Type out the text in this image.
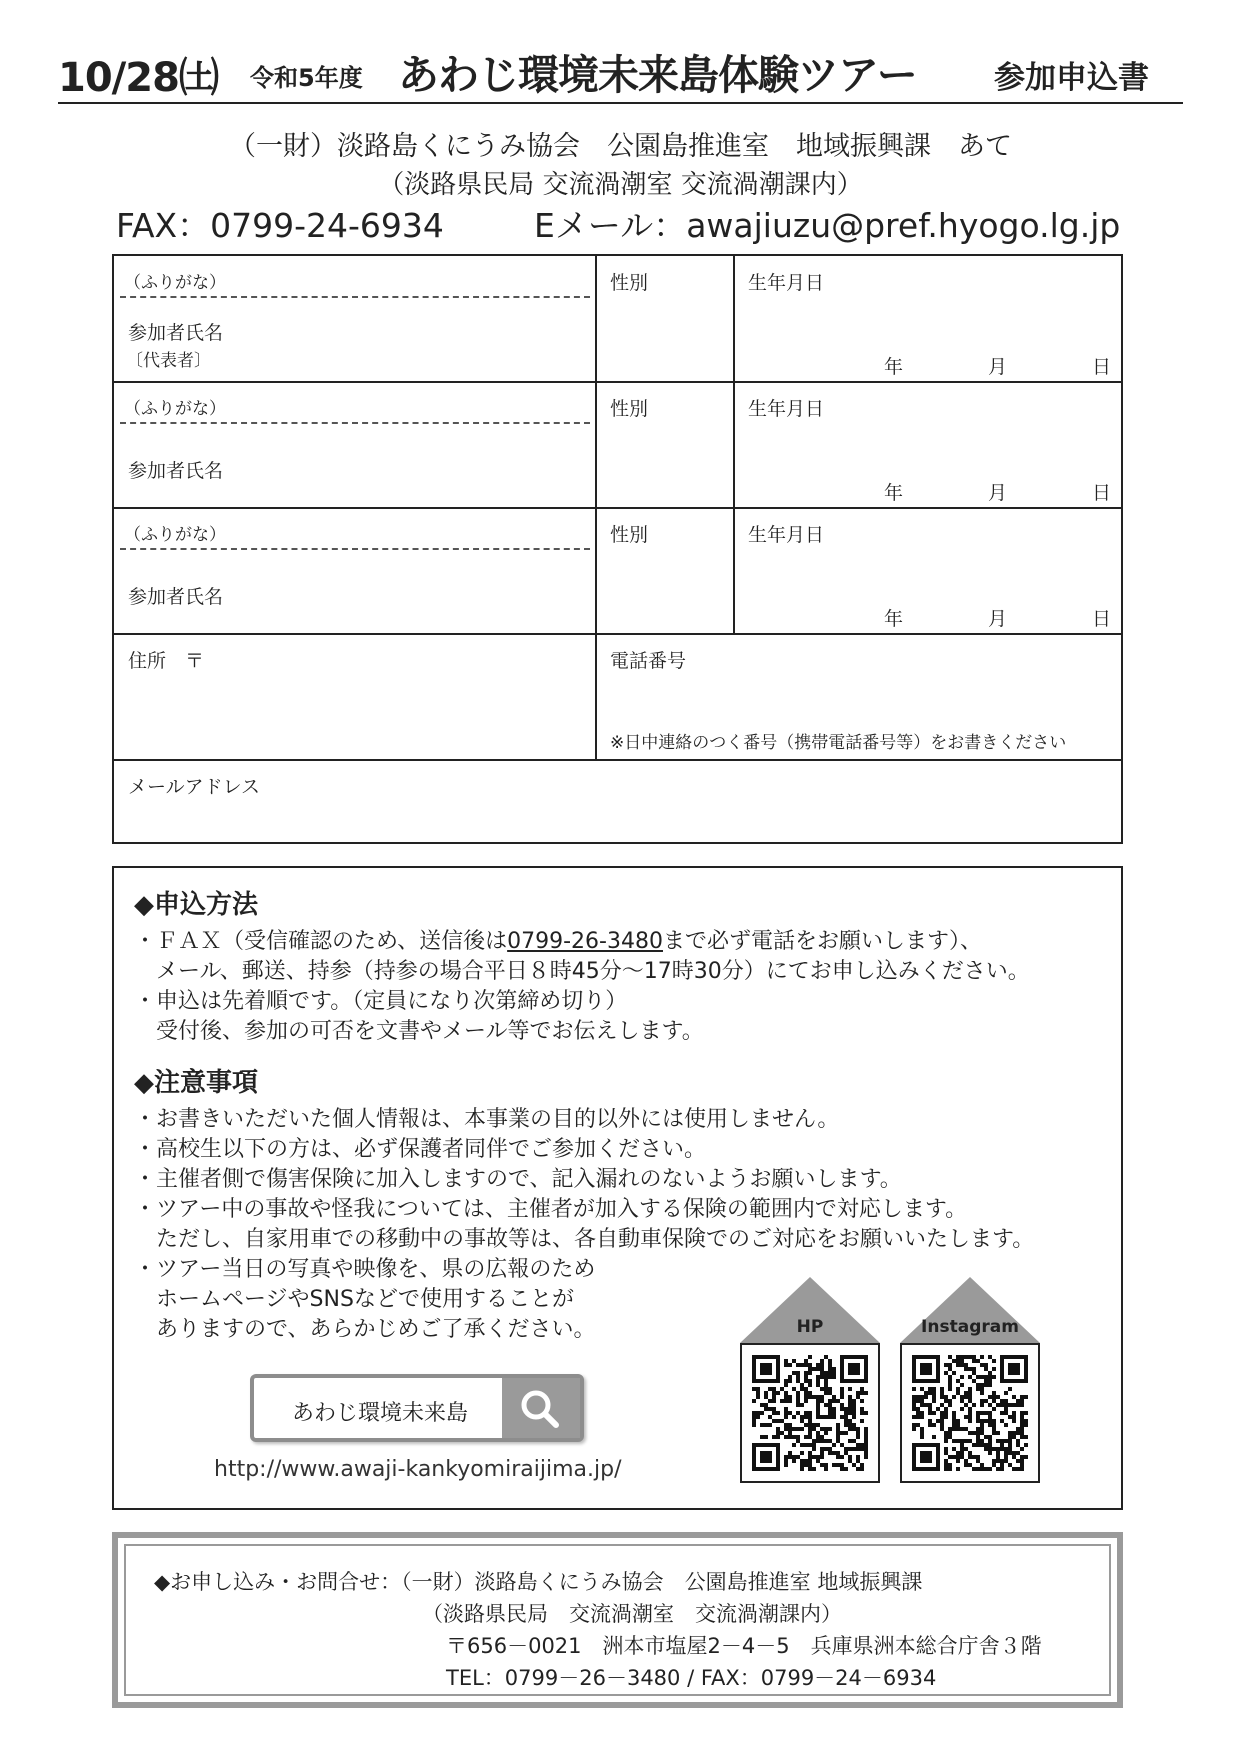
10/28㈯ 令和5年度 あわじ環境未来島体験ツアー 参加申込書
（一財）淡路島くにうみ協会　公園島推進室　地域振興課　あて
（淡路県民局 交流渦潮室 交流渦潮課内）
FAX：0799-24-6934	Eメール：awajiuzu@pref.hyogo.lg.jp
（ふりがな）
参加者氏名
〔代表者〕
性別	生年月日
年	月	日
（ふりがな）
参加者氏名
性別	生年月日
年	月	日
（ふりがな）
参加者氏名
性別	生年月日
年	月	日
住所　〒	電話番号
※日中連絡のつく番号（携帯電話番号等）をお書きください
メールアドレス
◆申込方法
・ＦＡＸ（受信確認のため、送信後は0799-26-3480まで必ず電話をお願いします）、
メール、郵送、持参（持参の場合平日８時45分～17時30分）にてお申し込みください。
・申込は先着順です。（定員になり次第締め切り）
受付後、参加の可否を文書やメール等でお伝えします。
◆注意事項
・お書きいただいた個人情報は、本事業の目的以外には使用しません。
・高校生以下の方は、必ず保護者同伴でご参加ください。
・主催者側で傷害保険に加入しますので、記入漏れのないようお願いします。
・ツアー中の事故や怪我については、主催者が加入する保険の範囲内で対応します。
ただし、自家用車での移動中の事故等は、各自動車保険でのご対応をお願いいたします。
・ツアー当日の写真や映像を、県の広報のため
ホームページやSNSなどで使用することが
ありますので、あらかじめご了承ください。
あわじ環境未来島
http://www.awaji-kankyomiraijima.jp/
HP	Instagram
◆お申し込み・お問合せ：（一財）淡路島くにうみ協会　公園島推進室 地域振興課
（淡路県民局　交流渦潮室　交流渦潮課内）
〒656－0021　洲本市塩屋2－4－5　兵庫県洲本総合庁舎３階
TEL：0799－26－3480 / FAX：0799－24－6934
